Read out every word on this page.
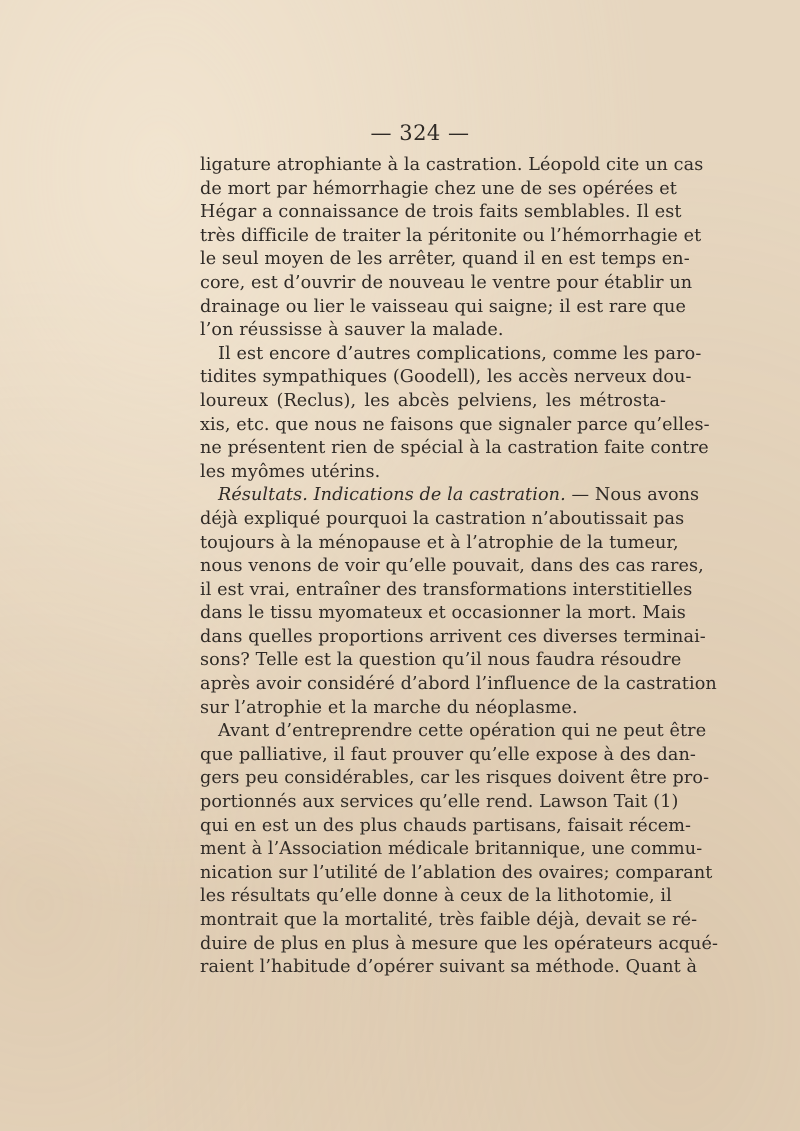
— 324 —
ligature atrophiante à la castration. Léopold cite un cas
de mort par hémorrhagie chez une de ses opérées et
Hégar a connaissance de trois faits semblables. Il est
très difficile de traiter la péritonite ou l’hémorrhagie et
le seul moyen de les arrêter, quand il en est temps en-
core, est d’ouvrir de nouveau le ventre pour établir un
drainage ou lier le vaisseau qui saigne; il est rare que
l’on réussisse à sauver la malade.
Il est encore d’autres complications, comme les paro-
tidites sympathiques (Goodell), les accès nerveux dou-
loureux (Reclus), les abcès pelviens, les métrosta-
xis, etc. que nous ne faisons que signaler parce qu’elles-
ne présentent rien de spécial à la castration faite contre
les myômes utérins.
Résultats. Indications de la castration. — Nous avons
déjà expliqué pourquoi la castration n’aboutissait pas
toujours à la ménopause et à l’atrophie de la tumeur,
nous venons de voir qu’elle pouvait, dans des cas rares,
il est vrai, entraîner des transformations interstitielles
dans le tissu myomateux et occasionner la mort. Mais
dans quelles proportions arrivent ces diverses terminai-
sons? Telle est la question qu’il nous faudra résoudre
après avoir considéré d’abord l’influence de la castration
sur l’atrophie et la marche du néoplasme.
Avant d’entreprendre cette opération qui ne peut être
que palliative, il faut prouver qu’elle expose à des dan-
gers peu considérables, car les risques doivent être pro-
portionnés aux services qu’elle rend. Lawson Tait (1)
qui en est un des plus chauds partisans, faisait récem-
ment à l’Association médicale britannique, une commu-
nication sur l’utilité de l’ablation des ovaires; comparant
les résultats qu’elle donne à ceux de la lithotomie, il
montrait que la mortalité, très faible déjà, devait se ré-
duire de plus en plus à mesure que les opérateurs acqué-
raient l’habitude d’opérer suivant sa méthode. Quant à
